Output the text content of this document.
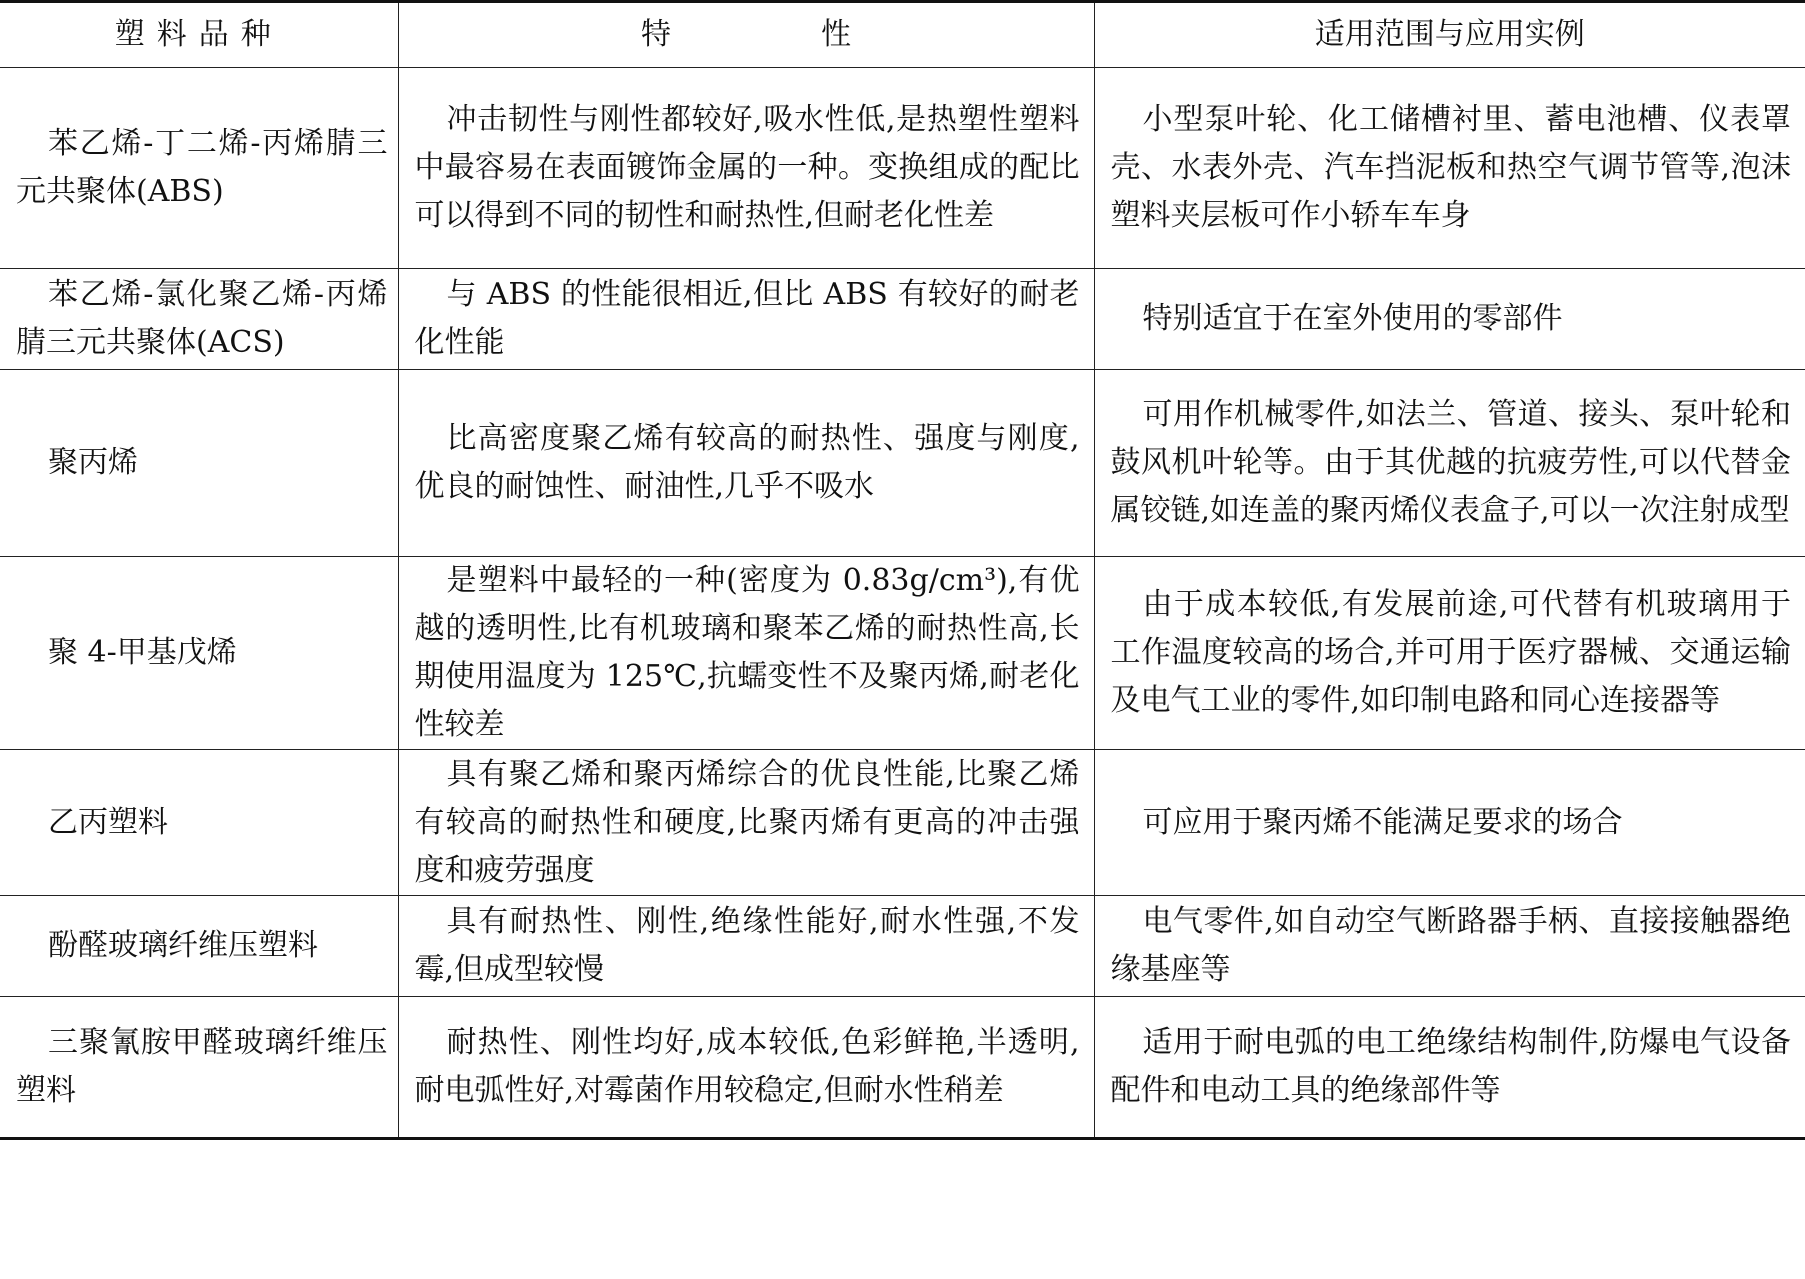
塑料品种	特 性	适用范围与应用实例
苯乙烯-丁二烯-丙烯腈三元共聚体(ABS)	冲击韧性与刚性都较好,吸水性低,是热塑性塑料中最容易在表面镀饰金属的一种。变换组成的配比可以得到不同的韧性和耐热性,但耐老化性差	小型泵叶轮、化工储槽衬里、蓄电池槽、仪表罩壳、水表外壳、汽车挡泥板和热空气调节管等,泡沫塑料夹层板可作小轿车车身
苯乙烯-氯化聚乙烯-丙烯腈三元共聚体(ACS)	与 ABS 的性能很相近,但比 ABS 有较好的耐老化性能	特别适宜于在室外使用的零部件
聚丙烯	比高密度聚乙烯有较高的耐热性、强度与刚度,优良的耐蚀性、耐油性,几乎不吸水	可用作机械零件,如法兰、管道、接头、泵叶轮和鼓风机叶轮等。由于其优越的抗疲劳性,可以代替金属铰链,如连盖的聚丙烯仪表盒子,可以一次注射成型
聚 4-甲基戊烯	是塑料中最轻的一种(密度为 0.83g/cm³),有优越的透明性,比有机玻璃和聚苯乙烯的耐热性高,长期使用温度为 125℃,抗蠕变性不及聚丙烯,耐老化性较差	由于成本较低,有发展前途,可代替有机玻璃用于工作温度较高的场合,并可用于医疗器械、交通运输及电气工业的零件,如印制电路和同心连接器等
乙丙塑料	具有聚乙烯和聚丙烯综合的优良性能,比聚乙烯有较高的耐热性和硬度,比聚丙烯有更高的冲击强度和疲劳强度	可应用于聚丙烯不能满足要求的场合
酚醛玻璃纤维压塑料	具有耐热性、刚性,绝缘性能好,耐水性强,不发霉,但成型较慢	电气零件,如自动空气断路器手柄、直接接触器绝缘基座等
三聚氰胺甲醛玻璃纤维压塑料	耐热性、刚性均好,成本较低,色彩鲜艳,半透明,耐电弧性好,对霉菌作用较稳定,但耐水性稍差	适用于耐电弧的电工绝缘结构制件,防爆电气设备配件和电动工具的绝缘部件等
